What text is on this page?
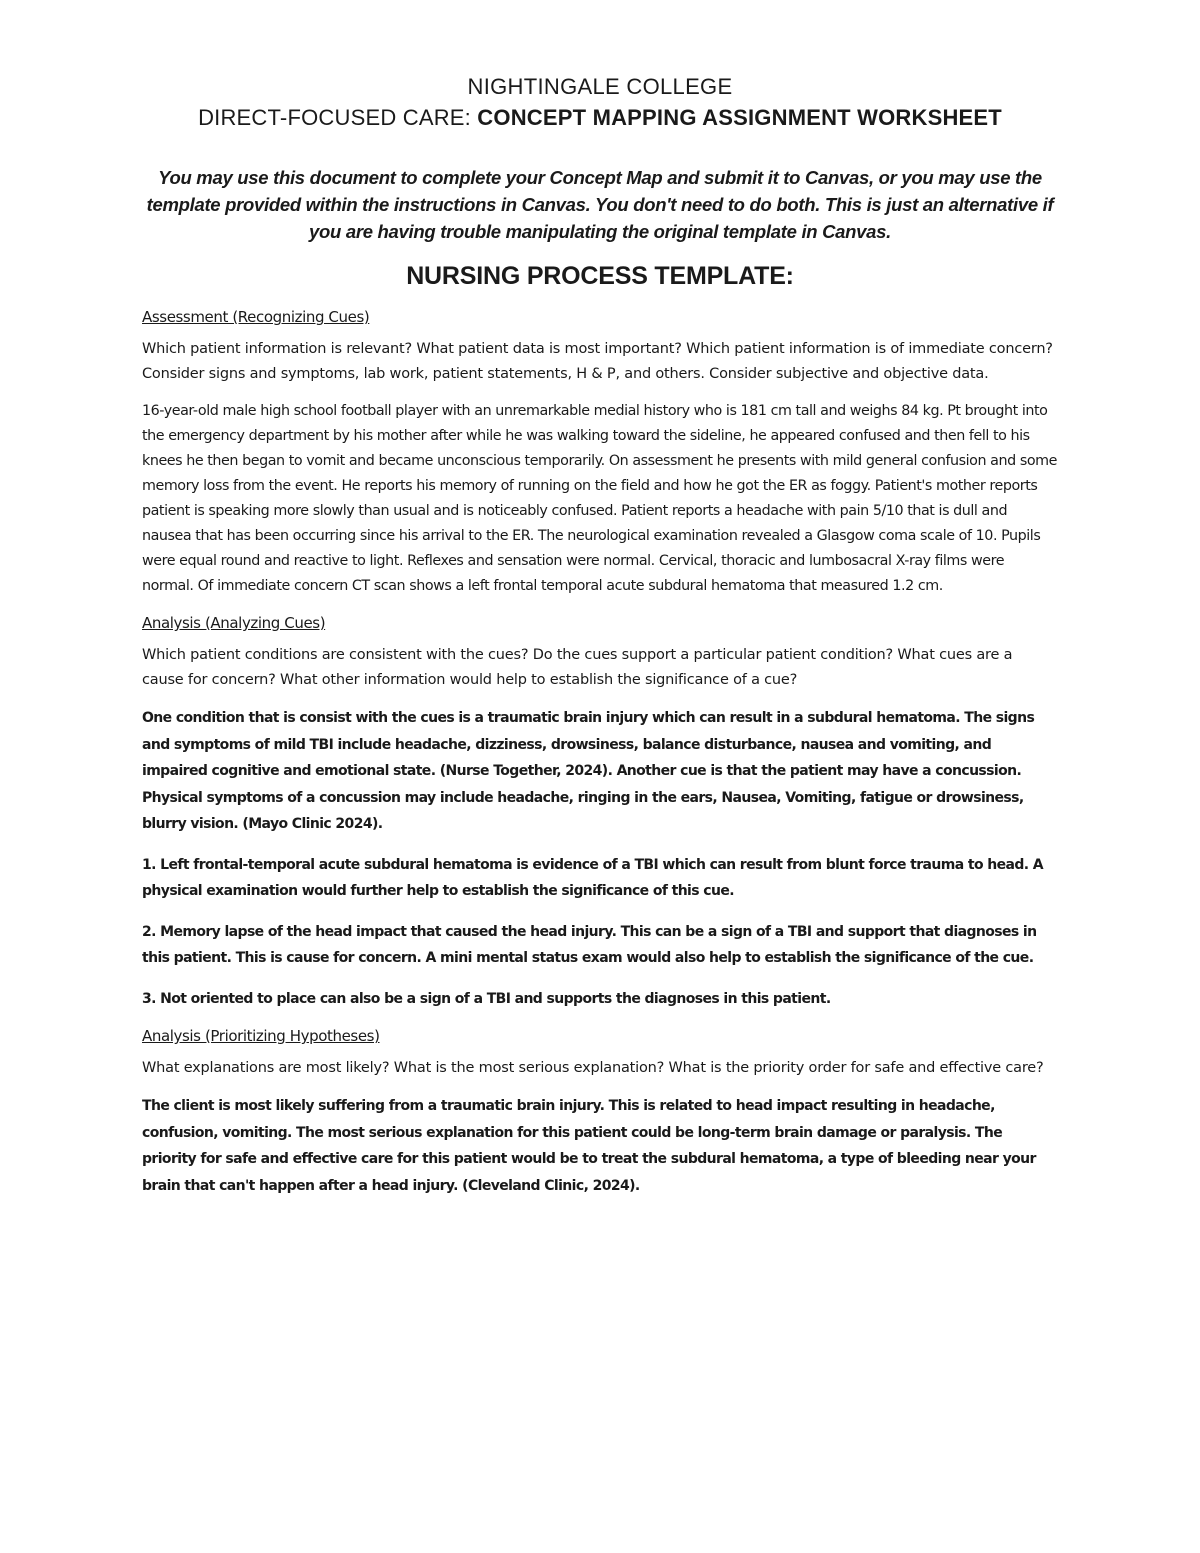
NIGHTINGALE COLLEGE
DIRECT-FOCUSED CARE: CONCEPT MAPPING ASSIGNMENT WORKSHEET
You may use this document to complete your Concept Map and submit it to Canvas, or you may use the template provided within the instructions in Canvas. You don't need to do both. This is just an alternative if you are having trouble manipulating the original template in Canvas.
NURSING PROCESS TEMPLATE:
Assessment (Recognizing Cues)

Which patient information is relevant? What patient data is most important? Which patient information is of immediate concern? Consider signs and symptoms, lab work, patient statements, H & P, and others. Consider subjective and objective data.

16-year-old male high school football player with an unremarkable medial history who is 181 cm tall and weighs 84 kg. Pt brought into the emergency department by his mother after while he was walking toward the sideline, he appeared confused and then fell to his knees he then began to vomit and became unconscious temporarily. On assessment he presents with mild general confusion and some memory loss from the event. He reports his memory of running on the field and how he got the ER as foggy. Patient's mother reports patient is speaking more slowly than usual and is noticeably confused. Patient reports a headache with pain 5/10 that is dull and nausea that has been occurring since his arrival to the ER. The neurological examination revealed a Glasgow coma scale of 10. Pupils were equal round and reactive to light. Reflexes and sensation were normal. Cervical, thoracic and lumbosacral X-ray films were normal. Of immediate concern CT scan shows a left frontal temporal acute subdural hematoma that measured 1.2 cm.

Analysis (Analyzing Cues)

Which patient conditions are consistent with the cues? Do the cues support a particular patient condition? What cues are a cause for concern? What other information would help to establish the significance of a cue?

One condition that is consist with the cues is a traumatic brain injury which can result in a subdural hematoma. The signs and symptoms of mild TBI include headache, dizziness, drowsiness, balance disturbance, nausea and vomiting, and impaired cognitive and emotional state. (Nurse Together, 2024). Another cue is that the patient may have a concussion. Physical symptoms of a concussion may include headache, ringing in the ears, Nausea, Vomiting, fatigue or drowsiness, blurry vision. (Mayo Clinic 2024).

1. Left frontal-temporal acute subdural hematoma is evidence of a TBI which can result from blunt force trauma to head. A physical examination would further help to establish the significance of this cue.

2. Memory lapse of the head impact that caused the head injury. This can be a sign of a TBI and support that diagnoses in this patient. This is cause for concern. A mini mental status exam would also help to establish the significance of the cue.

3. Not oriented to place can also be a sign of a TBI and supports the diagnoses in this patient.

Analysis (Prioritizing Hypotheses)

What explanations are most likely? What is the most serious explanation? What is the priority order for safe and effective care?

The client is most likely suffering from a traumatic brain injury. This is related to head impact resulting in headache, confusion, vomiting. The most serious explanation for this patient could be long-term brain damage or paralysis. The priority for safe and effective care for this patient would be to treat the subdural hematoma, a type of bleeding near your brain that can't happen after a head injury. (Cleveland Clinic, 2024).
